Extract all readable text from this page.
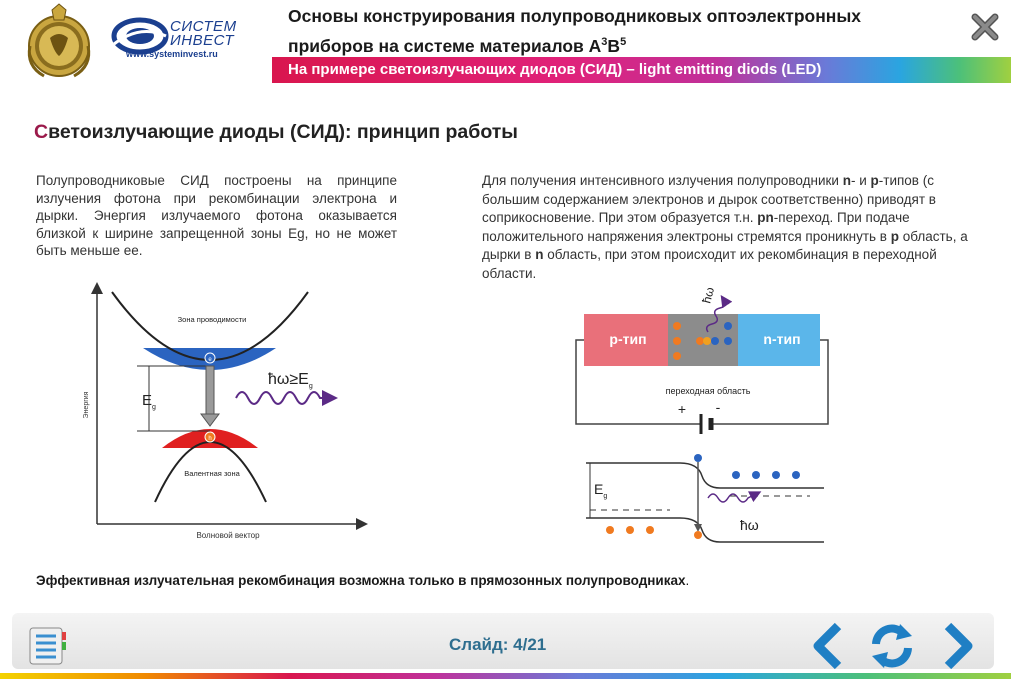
СИСТЕМ
ИНВЕСТ
www.systeminvest.ru
Основы конструирования полупроводниковых оптоэлектронных
приборов на системе материалов $A^3B^5$
На примере светоизлучающих диодов (СИД) – light emitting diods (LED)
Светоизлучающие диоды (СИД): принцип работы
Полупроводниковые СИД построены на принципе излучения фотона при рекомбинации электрона и дырки. Энергия излучаемого фотона оказывается близкой к ширине запрещенной зоны Eg, но не может быть меньше ее.
Для получения интенсивного излучения полупроводники n- и p-типов (с большим содержанием электронов и дырок соответственно) приводят в соприкосновение. При этом образуется т.н. pn-переход. При подаче положительного напряжения электроны стремятся проникнуть в p область, а дырки в n область, при этом происходит их рекомбинация в переходной области.
Энергия
Волновой вектор
Зона проводимости
Валентная зона
$E_g$
e
h
$ħ\omega\ge E_g$
p-тип	n-тип
ħω
переходная область
+ -
$E_g$
ħω
Эффективная излучательная рекомбинация возможна только в прямозонных полупроводниках.
Слайд: 4/21
